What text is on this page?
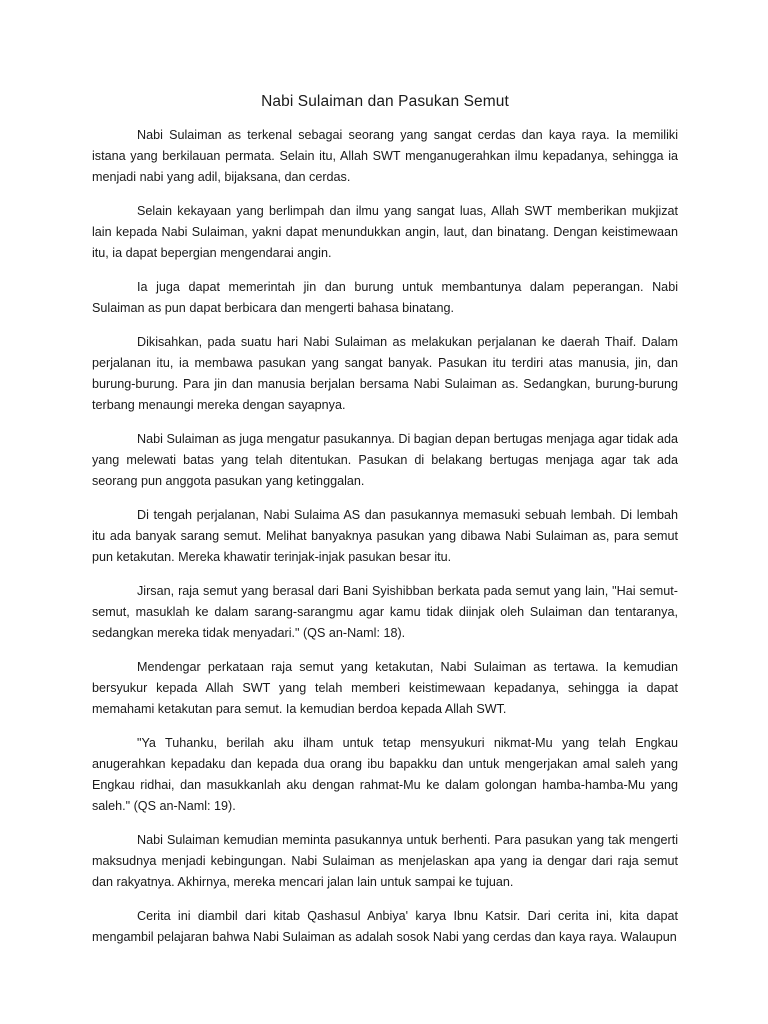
Nabi Sulaiman dan Pasukan Semut

Nabi Sulaiman as terkenal sebagai seorang yang sangat cerdas dan kaya raya. Ia memiliki istana yang berkilauan permata. Selain itu, Allah SWT menganugerahkan ilmu kepadanya, sehingga ia menjadi nabi yang adil, bijaksana, dan cerdas.

Selain kekayaan yang berlimpah dan ilmu yang sangat luas, Allah SWT memberikan mukjizat lain kepada Nabi Sulaiman, yakni dapat menundukkan angin, laut, dan binatang. Dengan keistimewaan itu, ia dapat bepergian mengendarai angin.

Ia juga dapat memerintah jin dan burung untuk membantunya dalam peperangan. Nabi Sulaiman as pun dapat berbicara dan mengerti bahasa binatang.

Dikisahkan, pada suatu hari Nabi Sulaiman as melakukan perjalanan ke daerah Thaif. Dalam perjalanan itu, ia membawa pasukan yang sangat banyak. Pasukan itu terdiri atas manusia, jin, dan burung-burung. Para jin dan manusia berjalan bersama Nabi Sulaiman as. Sedangkan, burung-burung terbang menaungi mereka dengan sayapnya.

Nabi Sulaiman as juga mengatur pasukannya. Di bagian depan bertugas menjaga agar tidak ada yang melewati batas yang telah ditentukan. Pasukan di belakang bertugas menjaga agar tak ada seorang pun anggota pasukan yang ketinggalan.

Di tengah perjalanan, Nabi Sulaima AS dan pasukannya memasuki sebuah lembah. Di lembah itu ada banyak sarang semut. Melihat banyaknya pasukan yang dibawa Nabi Sulaiman as, para semut pun ketakutan. Mereka khawatir terinjak-injak pasukan besar itu.

Jirsan, raja semut yang berasal dari Bani Syishibban berkata pada semut yang lain, "Hai semut-semut, masuklah ke dalam sarang-sarangmu agar kamu tidak diinjak oleh Sulaiman dan tentaranya, sedangkan mereka tidak menyadari." (QS an-Naml: 18).

Mendengar perkataan raja semut yang ketakutan, Nabi Sulaiman as tertawa. Ia kemudian bersyukur kepada Allah SWT yang telah memberi keistimewaan kepadanya, sehingga ia dapat memahami ketakutan para semut. Ia kemudian berdoa kepada Allah SWT.

"Ya Tuhanku, berilah aku ilham untuk tetap mensyukuri nikmat-Mu yang telah Engkau anugerahkan kepadaku dan kepada dua orang ibu bapakku dan untuk mengerjakan amal saleh yang Engkau ridhai, dan masukkanlah aku dengan rahmat-Mu ke dalam golongan hamba-hamba-Mu yang saleh." (QS an-Naml: 19).

Nabi Sulaiman kemudian meminta pasukannya untuk berhenti. Para pasukan yang tak mengerti maksudnya menjadi kebingungan. Nabi Sulaiman as menjelaskan apa yang ia dengar dari raja semut dan rakyatnya. Akhirnya, mereka mencari jalan lain untuk sampai ke tujuan.

Cerita ini diambil dari kitab Qashasul Anbiya' karya Ibnu Katsir. Dari cerita ini, kita dapat mengambil pelajaran bahwa Nabi Sulaiman as adalah sosok Nabi yang cerdas dan kaya raya. Walaupun
